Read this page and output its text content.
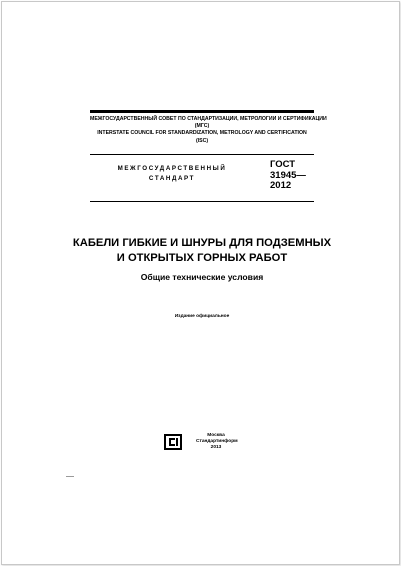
МЕЖГОСУДАРСТВЕННЫЙ СОВЕТ ПО СТАНДАРТИЗАЦИИ, МЕТРОЛОГИИ И СЕРТИФИКАЦИИ
(МГС)
INTERSTATE COUNCIL FOR STANDARDIZATION, METROLOGY AND CERTIFICATION
(ISC)
МЕЖГОСУДАРСТВЕННЫЙ
СТАНДАРТ
ГОСТ
31945—
2012
КАБЕЛИ ГИБКИЕ И ШНУРЫ ДЛЯ ПОДЗЕМНЫХ
И ОТКРЫТЫХ ГОРНЫХ РАБОТ
Общие технические условия
Издание официальное
Москва
Стандартинформ
2013
